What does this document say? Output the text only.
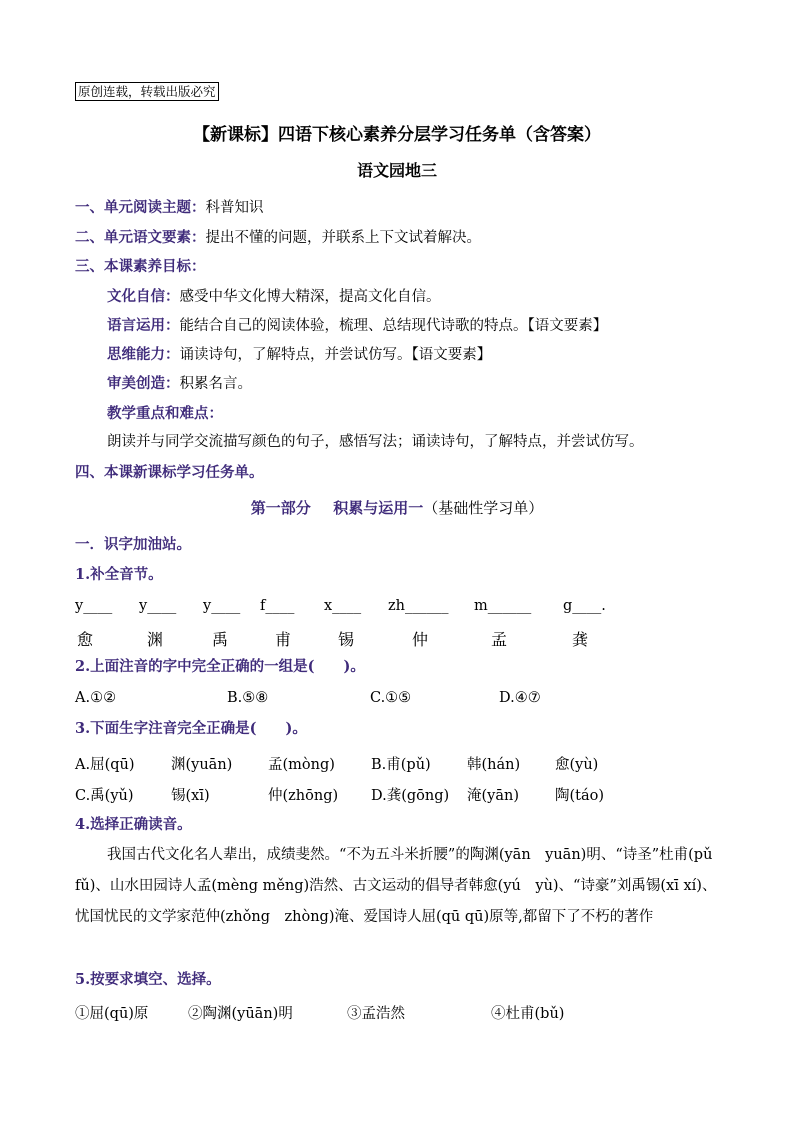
原创连载，转载出版必究
【新课标】四语下核心素养分层学习任务单（含答案）
语文园地三
一、单元阅读主题：科普知识
二、单元语文要素：提出不懂的问题，并联系上下文试着解决。
三、本课素养目标：
文化自信：感受中华文化博大精深，提高文化自信。
语言运用：能结合自己的阅读体验，梳理、总结现代诗歌的特点。【语文要素】
思维能力：诵读诗句，了解特点，并尝试仿写。【语文要素】
审美创造：积累名言。
教学重点和难点：
朗读并与同学交流描写颜色的句子，感悟写法；诵读诗句，了解特点，并尝试仿写。
四、本课新课标学习任务单。
第一部分   积累与运用一（基础性学习单）
一．识字加油站。
1.补全音节。
y____ y____ y____ f____ x____ zh______ m______ g____.
愈	渊	禹	甫	锡	仲	孟	龚
2.上面注音的字中完全正确的一组是(　　)。
A.①②	B.⑤⑧	C.①⑤	D.④⑦
3.下面生字注音完全正确是(　　)。
A.屈(qū)	渊(yuān) 孟(mòng) B.甫(pǔ)	韩(hán) 愈(yù)
C.禹(yǔ)	锡(xī)	仲(zhōng) D.龚(gōng) 淹(yān) 陶(táo)
4.选择正确读音。
我国古代文化名人辈出，成绩斐然。“不为五斗米折腰”的陶渊(yān　yuān)明、“诗圣”杜甫(pǔ　fǔ)、山水田园诗人孟(mèng měng)浩然、古文运动的倡导者韩愈(yú　yù)、“诗豪”刘禹锡(xī xí)、忧国忧民的文学家范仲(zhǒng　zhòng)淹、爱国诗人屈(qū qū)原等,都留下了不朽的著作
5.按要求填空、选择。
①屈(qū)原	②陶渊(yūān)明	③孟浩然	④杜甫(bǔ)
